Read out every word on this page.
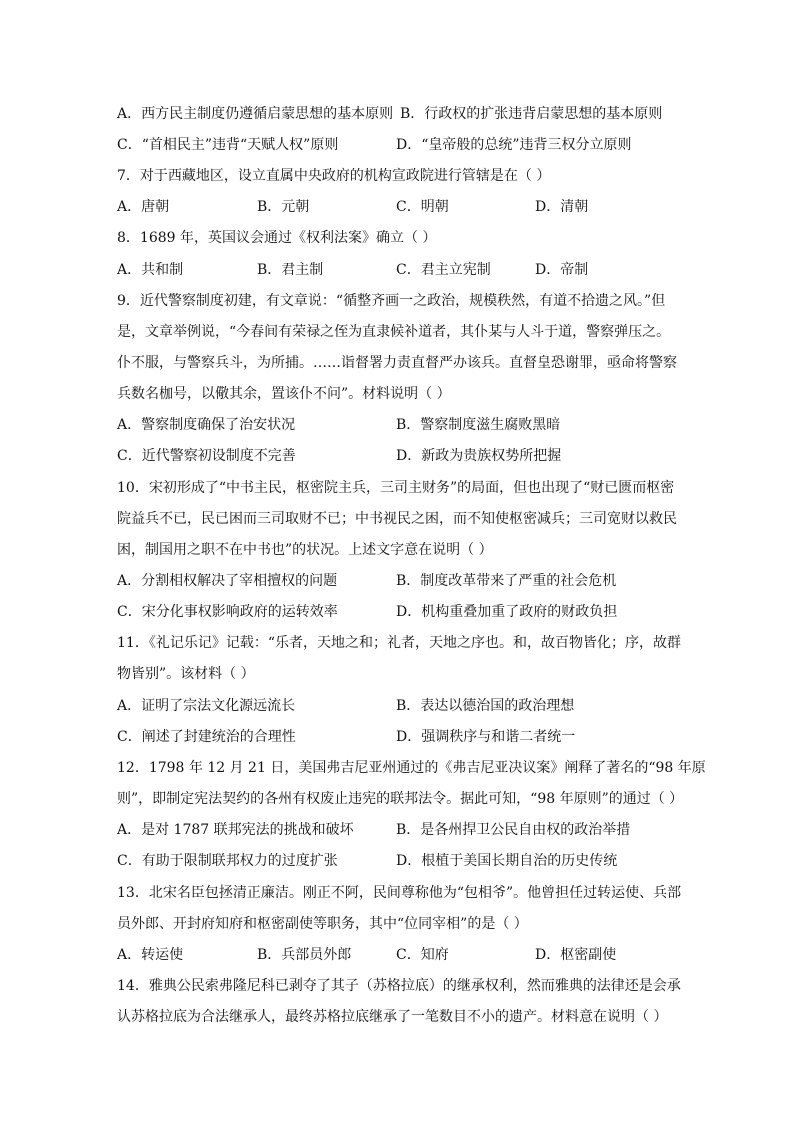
A．西方民主制度仍遵循启蒙思想的基本原则 B．行政权的扩张违背启蒙思想的基本原则
C．“首相民主”违背“天赋人权”原则	D．“皇帝般的总统”违背三权分立原则
7．对于西藏地区，设立直属中央政府的机构宣政院进行管辖是在（ ）
A．唐朝	B．元朝	C．明朝	D．清朝
8．1689 年，英国议会通过《权利法案》确立（ ）
A．共和制	B．君主制	C．君主立宪制	D．帝制
9．近代警察制度初建，有文章说：“循整齐画一之政治，规模秩然，有道不拾遗之风。”但
是，文章举例说，“今春间有荣禄之侄为直隶候补道者，其仆某与人斗于道，警察弹压之。
仆不服，与警察兵斗，为所捕。……诣督署力责直督严办该兵。直督皇恐谢罪，亟命将警察
兵数名枷号，以儆其余，置该仆不问”。材料说明（ ）
A．警察制度确保了治安状况	B．警察制度滋生腐败黑暗
C．近代警察初设制度不完善	D．新政为贵族权势所把握
10．宋初形成了“中书主民，枢密院主兵，三司主财务”的局面，但也出现了“财已匮而枢密
院益兵不已，民已困而三司取财不已；中书视民之困，而不知使枢密减兵；三司宽财以救民
困，制国用之职不在中书也”的状况。上述文字意在说明（ ）
A．分割相权解决了宰相擅权的问题	B．制度改革带来了严重的社会危机
C．宋分化事权影响政府的运转效率	D．机构重叠加重了政府的财政负担
11．《礼记乐记》记载：“乐者，天地之和；礼者，天地之序也。和，故百物皆化；序，故群
物皆别”。该材料（ ）
A．证明了宗法文化源远流长	B．表达以德治国的政治理想
C．阐述了封建统治的合理性	D．强调秩序与和谐二者统一
12．1798 年 12 月 21 日，美国弗吉尼亚州通过的《弗吉尼亚决议案》阐释了著名的“98 年原
则”，即制定宪法契约的各州有权废止违宪的联邦法令。据此可知，“98 年原则”的通过（ ）
A．是对 1787 联邦宪法的挑战和破坏	B．是各州捍卫公民自由权的政治举措
C．有助于限制联邦权力的过度扩张	D．根植于美国长期自治的历史传统
13．北宋名臣包拯清正廉洁。刚正不阿，民间尊称他为“包相爷”。他曾担任过转运使、兵部
员外郎、开封府知府和枢密副使等职务，其中“位同宰相”的是（ ）
A．转运使	B．兵部员外郎	C．知府	D．枢密副使
14．雅典公民索弗隆尼科已剥夺了其子（苏格拉底）的继承权利，然而雅典的法律还是会承
认苏格拉底为合法继承人，最终苏格拉底继承了一笔数目不小的遗产。材料意在说明（ ）
